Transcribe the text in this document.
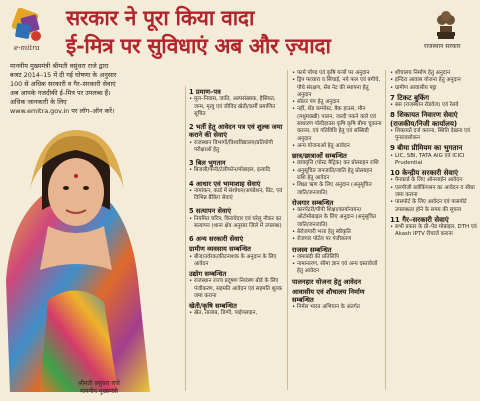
e-mitra
सरकार ने पूरा किया वादा
ई-मित्र पर सुविधाएं अब और ज़्यादा	राजस्थान सरकार
माननीय मुख्यमंत्री श्रीमती वसुंधरा राजे द्वारा बजट 2014–15 में दी गई घोषणा के अनुसार 100 से अधिक सरकारी व गैर–सरकारी सेवाएं अब आपके नजदीकी ई–मित्र पर उपलब्ध हैं। अधिक जानकारी के लिए www.emitra.gov.in पर लॉग–ऑन करें।
श्रीमती वसुंधरा राजे
माननीय मुख्यमंत्री
1 प्रमाण–पत्र
• मूल–निवास, जाति, अल्पसंख्यक, हैसियत, जन्म, मृत्यु एवं जीविद खेती/कर्मी प्रमाणित सूचित
2 भर्ती हेतु आवेदन पत्र एवं शुल्क जमा कराने की सेवाएं
• राजस्थान विभागों/विश्वविद्यालय/प्रतियोगी परीक्षाओं हेतु
3 बिल भुगतान
• बिजली/पानी/टेलीफोन/मोबाइल, इत्यादि
4 आधार एवं भामाशाह सेवाएं
• नामांकन, कार्ड में संशोधन/अपडेशन, प्रिंट, एवं विभिन्न बैंकिंग सेवाएं
5 सत्यापन सेवाएं
• नियमित चरित्र, किरायेदार एवं घरेलू नौकर का सत्यापन (थाना क्षेत्र अनुसार जिले में उपलब्ध)
6 अन्य सरकारी सेवाएं
ग्रामीण व्यवसाय सम्बन्धित
• बीज/उर्वरक/कीटनाशक के अनुदान के लिए आवेदन
उद्योग सम्बन्धित
• राजस्थान राज्य प्रदूषण नियंत्रण बोर्ड के लिए पंजीकरण, सहमति आवेदन एवं सहमति शुल्क जमा कराना
खेती/कृषि सम्बन्धित
• खेत, तालाब, डिग्गी, पाईपलाइन,
• फार्म पॉण्ड एवं कृषि यन्त्रों पर अनुदान
• ड्रिप फव्वारा व सिंचाई, नये फल एवं बगीचे, पौधे संरक्षण, सेब नेट की स्थापना हेतु अनुदान
• सोलर पंप हेतु अनुदान
• नहीं, सेंड कम्पोस्ट, बैक हाउस, मौन (मधुमक्खी) पालन, जल्दी पकने वाले एवं साधारण पॉलीहाउस कृषि कृषि बीमा चुकाना कराना, एवं गतिविधि हेतु एवं सब्सिडी अनुदान
• अन्य योजनाओं हेतु आवेदन
छात्र/छात्राओं सम्बन्धित
• छात्रवृत्ति (पोस्ट मैट्रिक) कर प्रोत्साहन राशि
• अनुसूचित जनजाति/जाति हेतु प्रोत्साहन राशि हेतु आवेदन
• शिक्षा ऋण के लिए अनुदान (अनुसूचित जाति/जनजाति)
रोजगार सम्बन्धित
• कारपेंटरी/पीपी शिक्षा/कार्यान्वयन/ओटोमोबाइल के लिए अनुदान (अनुसूचित जाति/जनजाति)
• बेरोजगारी भत्ता हेतु स्वीकृति
• रोजगार पोर्टल पर पंजीकरण
राजस्व सम्बन्धित
• जमाबंदी की प्रतिलिपि
• नामान्तरण, सीमा ज्ञान एवं अन्य दस्तावेजों हेतु आवेदन
पालनहार योजना हेतु आवेदन
आवासीय एवं शौचालय निर्माण सम्बन्धित
• निर्मल भारत अभियान के अंतर्गत
• शौचालय निर्माण हेतु अनुदान
• इन्दिरा आवास योजना हेतु अनुदान
• ग्रामीण आवासीय पट्टा
7 टिकट बुकिंग
• बस (राजस्थान रोडवेज) एवं रेलवे
8 शिकायत निवारण सेवाएं (राजकीय/निजी कार्यालय)
• शिकायतें दर्ज कराना, स्थिति देखना एवं पुनरावलोकन
9 बीमा प्रीमियम का भुगतान
• LIC, SBI, TATA AIG एवं ICICI Prudential
10 केन्द्रीय सरकारी सेवाएं
• पैनकार्ड के लिए ऑनलाईन आवेदन
• एलपीजी ब्लॉकिंगसन का आवेदन व सीधा जमा कराना
• पासपोर्ट के लिए आवेदन एवं पासपोर्ट उपलब्धता होने के समय की सूचना
11 गैर–सरकारी सेवाएं
• सभी प्रकार के प्री–पेड मोबाइल, DTH एवं Akash IPTV रीचार्ज कराना
